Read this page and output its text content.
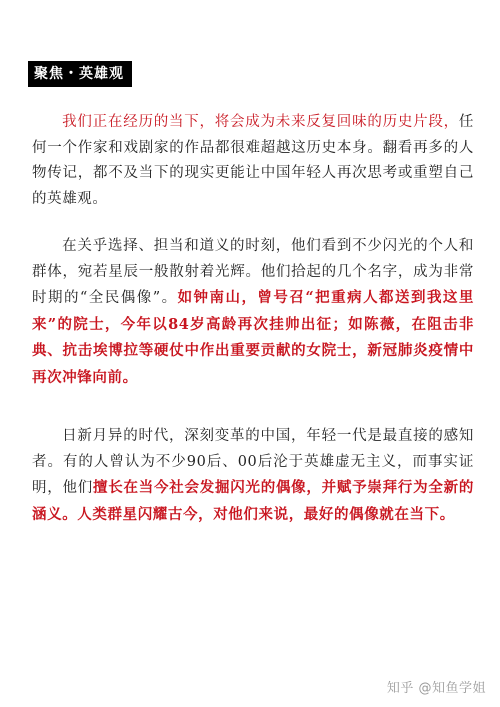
聚焦・英雄观
我们正在经历的当下，将会成为未来反复回味的历史片段，任何一个作家和戏剧家的作品都很难超越这历史本身。翻看再多的人物传记，都不及当下的现实更能让中国年轻人再次思考或重塑自己的英雄观。
在关乎选择、担当和道义的时刻，他们看到不少闪光的个人和群体，宛若星辰一般散射着光辉。他们拾起的几个名字，成为非常时期的“全民偶像”。如钟南山，曾号召“把重病人都送到我这里来”的院士，今年以84岁高龄再次挂帅出征；如陈薇，在阻击非典、抗击埃博拉等硬仗中作出重要贡献的女院士，新冠肺炎疫情中再次冲锋向前。
日新月异的时代，深刻变革的中国，年轻一代是最直接的感知者。有的人曾认为不少90后、00后沦于英雄虚无主义，而事实证明，他们擅长在当今社会发掘闪光的偶像，并赋予崇拜行为全新的涵义。人类群星闪耀古今，对他们来说，最好的偶像就在当下。
知乎 @知鱼学姐
